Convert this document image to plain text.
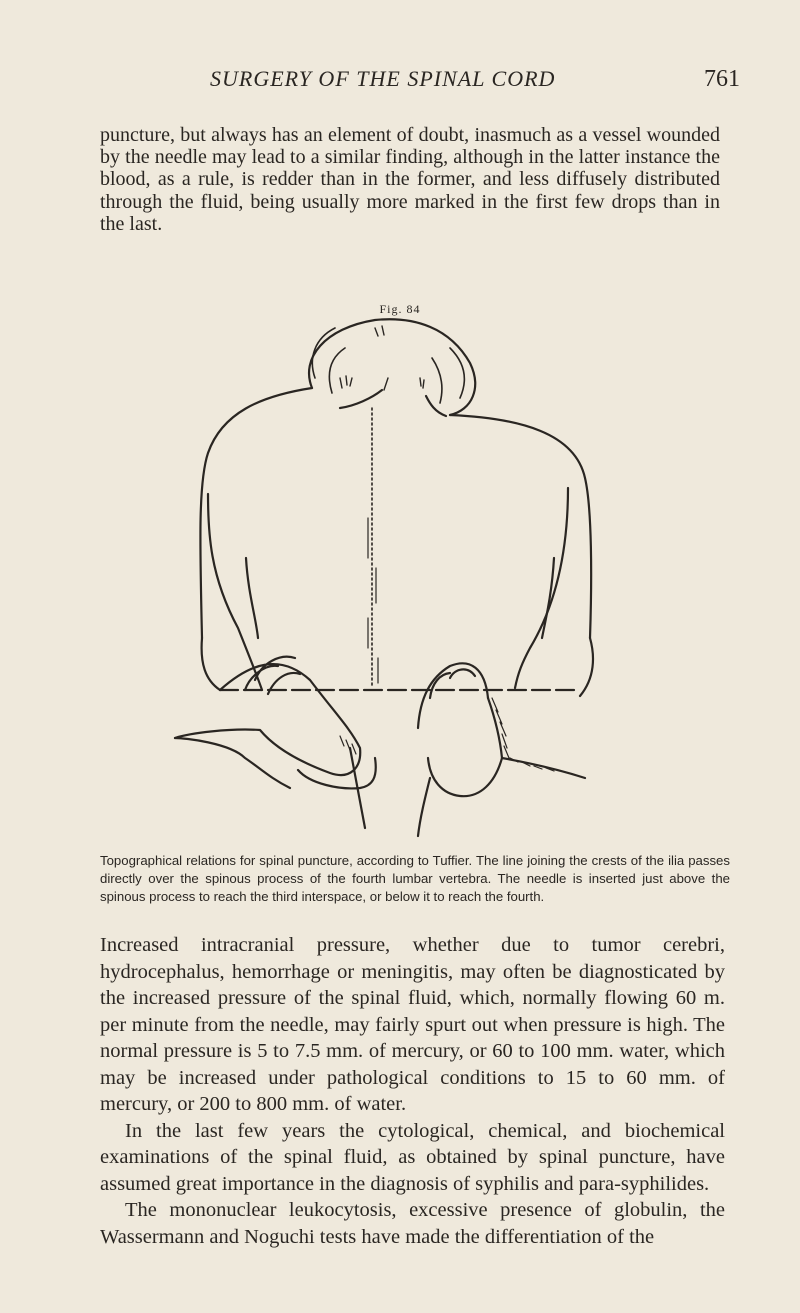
SURGERY OF THE SPINAL CORD	761

puncture, but always has an element of doubt, inasmuch as a vessel wounded by the needle may lead to a similar finding, although in the latter instance the blood, as a rule, is redder than in the former, and less diffusely distributed through the fluid, being usually more marked in the first few drops than in the last.

Fig. 84

Topographical relations for spinal puncture, according to Tuffier. The line joining the crests of the ilia passes directly over the spinous process of the fourth lumbar vertebra. The needle is inserted just above the spinous process to reach the third interspace, or below it to reach the fourth.

Increased intracranial pressure, whether due to tumor cerebri, hydrocephalus, hemorrhage or meningitis, may often be diagnosticated by the increased pressure of the spinal fluid, which, normally flowing 60 m. per minute from the needle, may fairly spurt out when pressure is high. The normal pressure is 5 to 7.5 mm. of mercury, or 60 to 100 mm. water, which may be increased under pathological conditions to 15 to 60 mm. of mercury, or 200 to 800 mm. of water.

In the last few years the cytological, chemical, and biochemical examinations of the spinal fluid, as obtained by spinal puncture, have assumed great importance in the diagnosis of syphilis and para-syphilides.

The mononuclear leukocytosis, excessive presence of globulin, the Wassermann and Noguchi tests have made the differentiation of the
